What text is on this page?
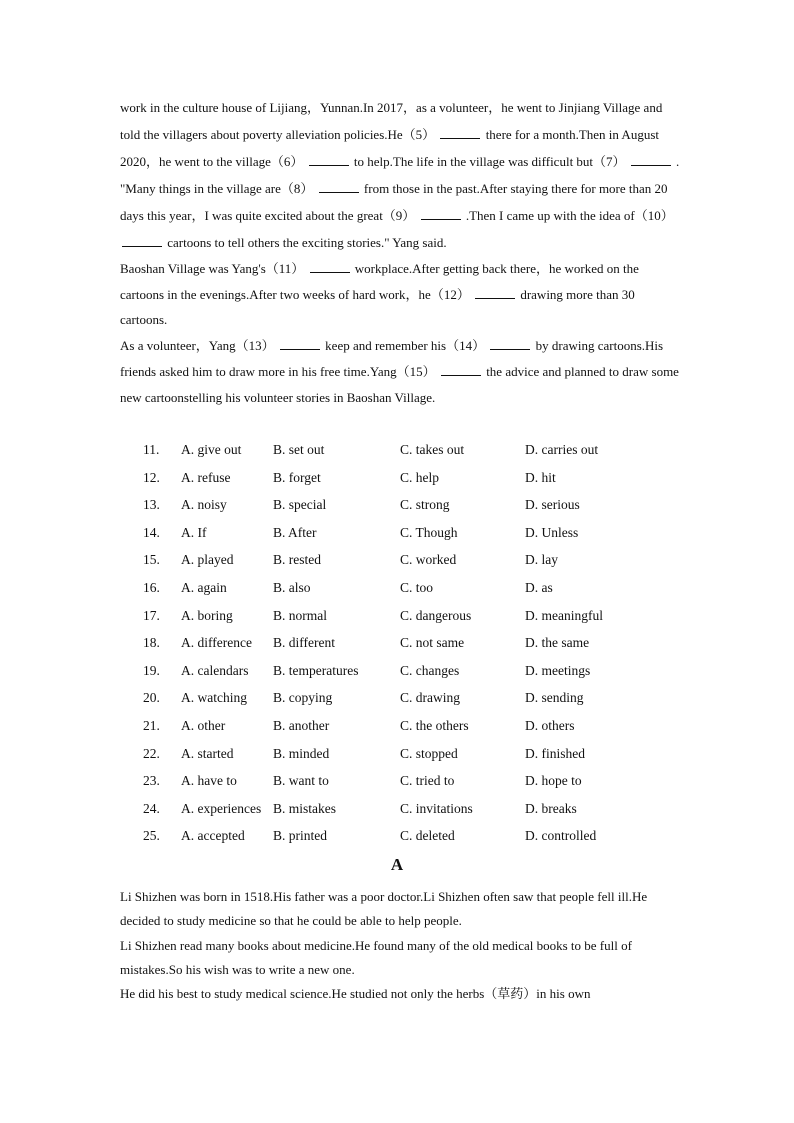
work in the culture house of Lijiang，Yunnan.In 2017，as a volunteer，he went to Jinjiang Village and told the villagers about poverty alleviation policies.He（5）	there for a month.Then in August 2020，he went to the village（6）	to help.The life in the village was difficult but（7）	. "Many things in the village are（8）	from those in the past.After staying there for more than 20 days this year，I was quite excited about the great（9）	.Then I came up with the idea of（10）  cartoons to tell others the exciting stories." Yang said.

Baoshan Village was Yang's（11）	workplace.After getting back there，he worked on the cartoons in the evenings.After two weeks of hard work，he（12）	drawing more than 30 cartoons.

As a volunteer，Yang（13）	keep and remember his（14）	by drawing cartoons.His friends asked him to draw more in his free time.Yang（15）	the advice and planned to draw some new cartoonstelling his volunteer stories in Baoshan Village.

11. A. give out B. set out	C. takes out	D. carries out
12. A. refuse	B. forget	C. help	D. hit
13. A. noisy	B. special	C. strong	D. serious
14. A. If	B. After	C. Though	D. Unless
15. A. played	B. rested	C. worked	D. lay
16. A. again	B. also	C. too	D. as
17. A. boring	B. normal	C. dangerous	D. meaningful
18. A. difference B. different	C. not same	D. the same
19. A. calendars B. temperatures	C. changes	D. meetings
20. A. watching B. copying	C. drawing	D. sending
21. A. other	B. another	C. the others	D. others
22. A. started	B. minded	C. stopped	D. finished
23. A. have to	B. want to	C. tried to	D. hope to
24. A. experiences B. mistakes	C. invitations	D. breaks
25. A. accepted B. printed	C. deleted	D. controlled
A

Li Shizhen was born in 1518.His father was a poor doctor.Li Shizhen often saw that people fell ill.He decided to study medicine so that he could be able to help people.

Li Shizhen read many books about medicine.He found many of the old medical books to be full of mistakes.So his wish was to write a new one.

He did his best to study medical science.He studied not only the herbs（草药）in his own
